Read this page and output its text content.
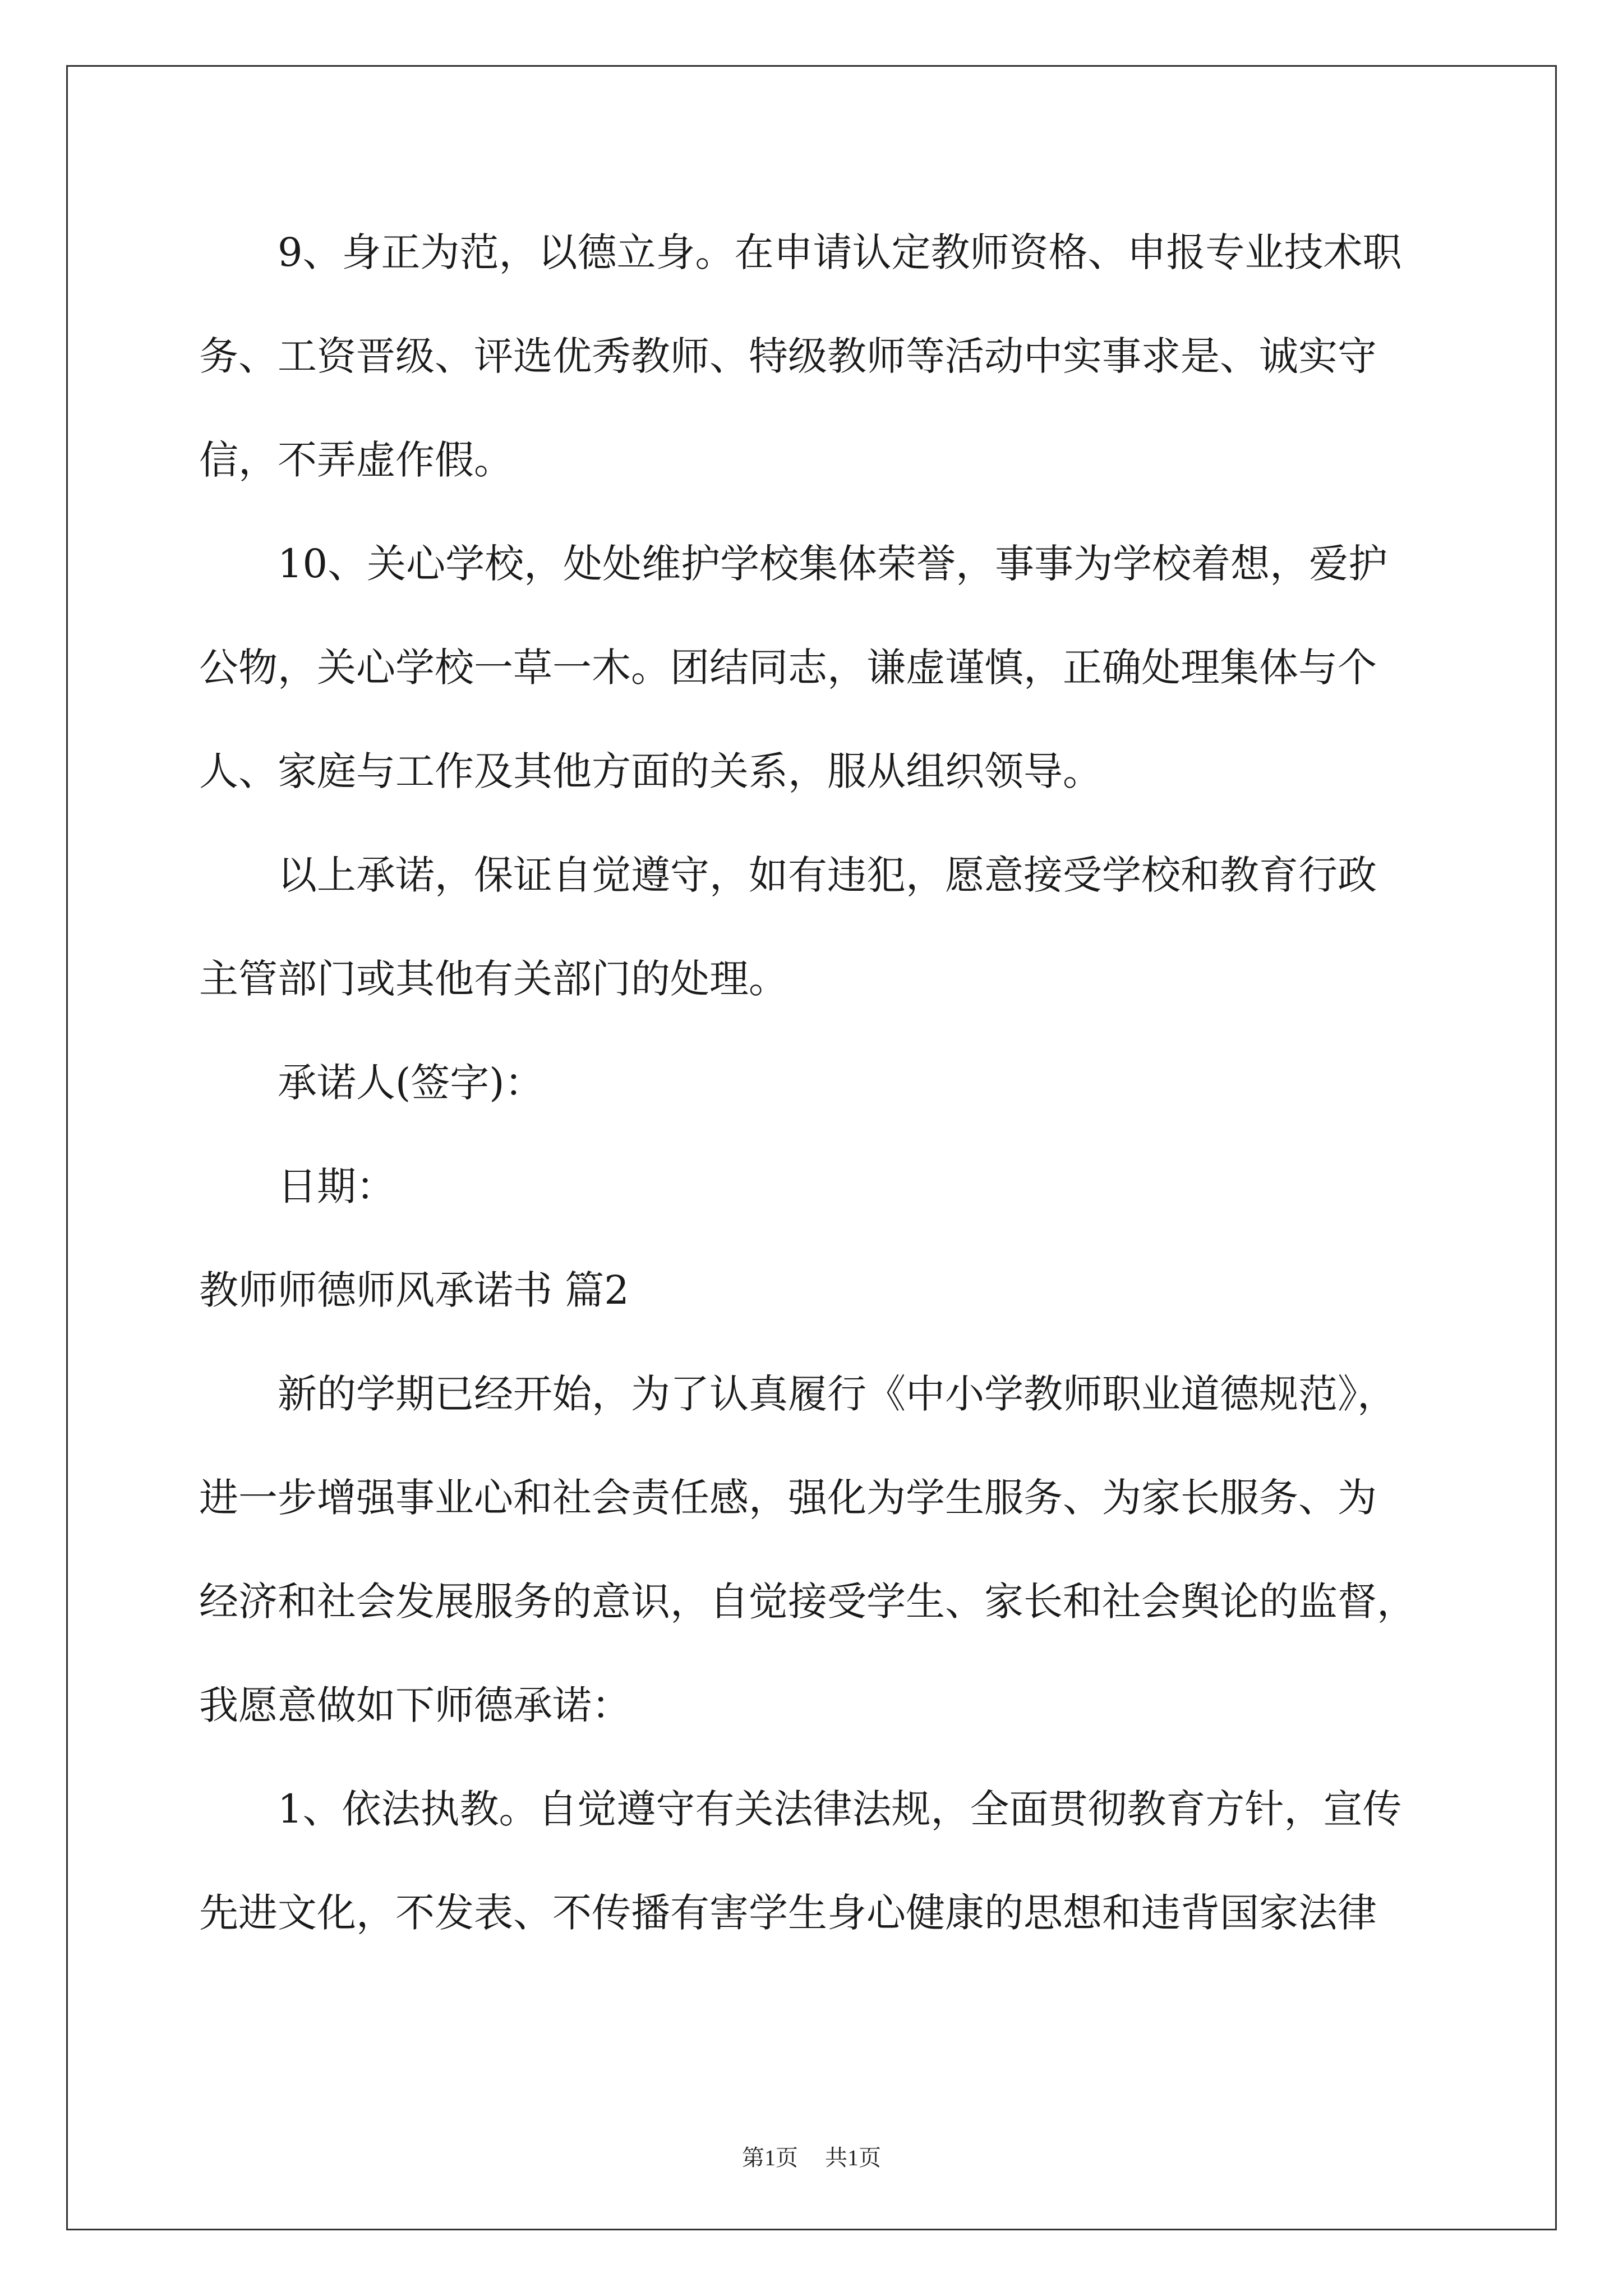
9、身正为范，以德立身。在申请认定教师资格、申报专业技术职
务、工资晋级、评选优秀教师、特级教师等活动中实事求是、诚实守
信，不弄虚作假。
10、关心学校，处处维护学校集体荣誉，事事为学校着想，爱护
公物，关心学校一草一木。团结同志，谦虚谨慎，正确处理集体与个
人、家庭与工作及其他方面的关系，服从组织领导。
以上承诺，保证自觉遵守，如有违犯，愿意接受学校和教育行政
主管部门或其他有关部门的处理。
承诺人(签字)：
日期：
教师师德师风承诺书 篇2
新的学期已经开始，为了认真履行《中小学教师职业道德规范》，
进一步增强事业心和社会责任感，强化为学生服务、为家长服务、为
经济和社会发展服务的意识，自觉接受学生、家长和社会舆论的监督，
我愿意做如下师德承诺：
1、依法执教。自觉遵守有关法律法规，全面贯彻教育方针，宣传
先进文化，不发表、不传播有害学生身心健康的思想和违背国家法律
第1页 共1页
